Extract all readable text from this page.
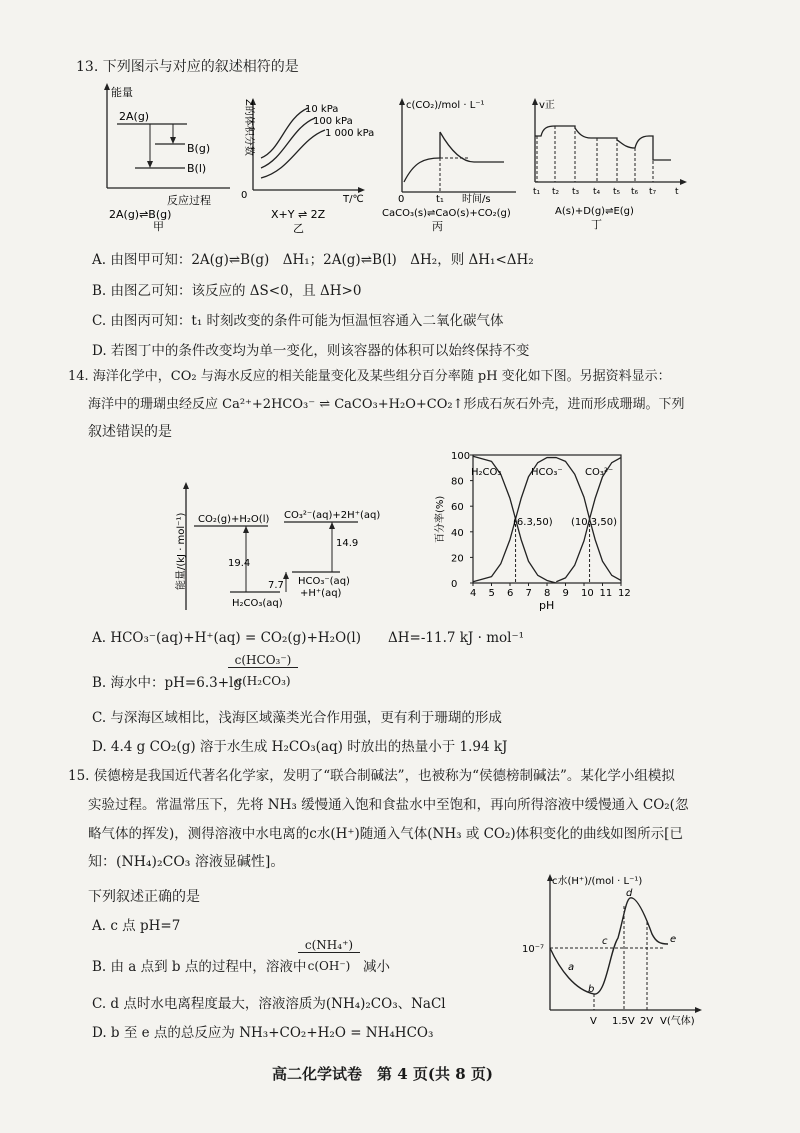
13. 下列图示与对应的叙述相符的是
能量
2A(g)
B(g)
B(l)
反应过程
2A(g)⇌B(g)
甲
Z的体积分数
0
10 kPa
100 kPa
1 000 kPa
T/℃
X+Y ⇌ 2Z
乙
c(CO₂)/mol · L⁻¹
0	t₁ 时间/s
CaCO₃(s)⇌CaO(s)+CO₂(g)
丙
v正
t₁ t₂ t₃ t₄ t₅ t₆ t₇ t
A(s)+D(g)⇌E(g)
丁
A. 由图甲可知：2A(g)⇌B(g)　ΔH₁；2A(g)⇌B(l)　ΔH₂，则 ΔH₁<ΔH₂
B. 由图乙可知：该反应的 ΔS<0，且 ΔH>0
C. 由图丙可知：t₁ 时刻改变的条件可能为恒温恒容通入二氧化碳气体
D. 若图丁中的条件改变均为单一变化，则该容器的体积可以始终保持不变
14. 海洋化学中，CO₂ 与海水反应的相关能量变化及某些组分百分率随 pH 变化如下图。另据资料显示：
海洋中的珊瑚虫经反应 Ca²⁺+2HCO₃⁻ ⇌ CaCO₃+H₂O+CO₂↑形成石灰石外壳，进而形成珊瑚。下列
叙述错误的是
能量/(kJ · mol⁻¹) CO₂(g)+H₂O(l) CO₃²⁻(aq)+2H⁺(aq)
H₂CO₃(aq)
HCO₃⁻(aq)
+H⁺(aq)
19.4
7.7
14.9
4 5 6 7 8 9 10 11 12
0
20
40
60
80
100
百分率(%)
pH
H₂CO₃	HCO₃⁻ CO₃²⁻
(6.3,50) (10.3,50)
A. HCO₃⁻(aq)+H⁺(aq) = CO₂(g)+H₂O(l)　　ΔH=-11.7 kJ · mol⁻¹
B. 海水中：pH=6.3+lg
c(HCO₃⁻)
c(H₂CO₃)
C. 与深海区域相比，浅海区域藻类光合作用强，更有利于珊瑚的形成
D. 4.4 g CO₂(g) 溶于水生成 H₂CO₃(aq) 时放出的热量小于 1.94 kJ
15. 侯德榜是我国近代著名化学家，发明了“联合制碱法”，也被称为“侯德榜制碱法”。某化学小组模拟
实验过程。常温常压下，先将 NH₃ 缓慢通入饱和食盐水中至饱和，再向所得溶液中缓慢通入 CO₂(忽
略气体的挥发)，测得溶液中水电离的c水(H⁺)随通入气体(NH₃ 或 CO₂)体积变化的曲线如图所示[已
知：(NH₄)₂CO₃ 溶液显碱性]。
下列叙述正确的是
A. c 点 pH=7
B. 由 a 点到 b 点的过程中，溶液中
c(NH₄⁺)
c(OH⁻) 减小
C. d 点时水电离程度最大，溶液溶质为(NH₄)₂CO₃、NaCl
D. b 至 e 点的总反应为 NH₃+CO₂+H₂O = NH₄HCO₃
c水(H⁺)/(mol · L⁻¹)
10⁻⁷
a
b
c
d
e
V 1.5V 2V V(气体)
高二化学试卷　第 4 页(共 8 页)
